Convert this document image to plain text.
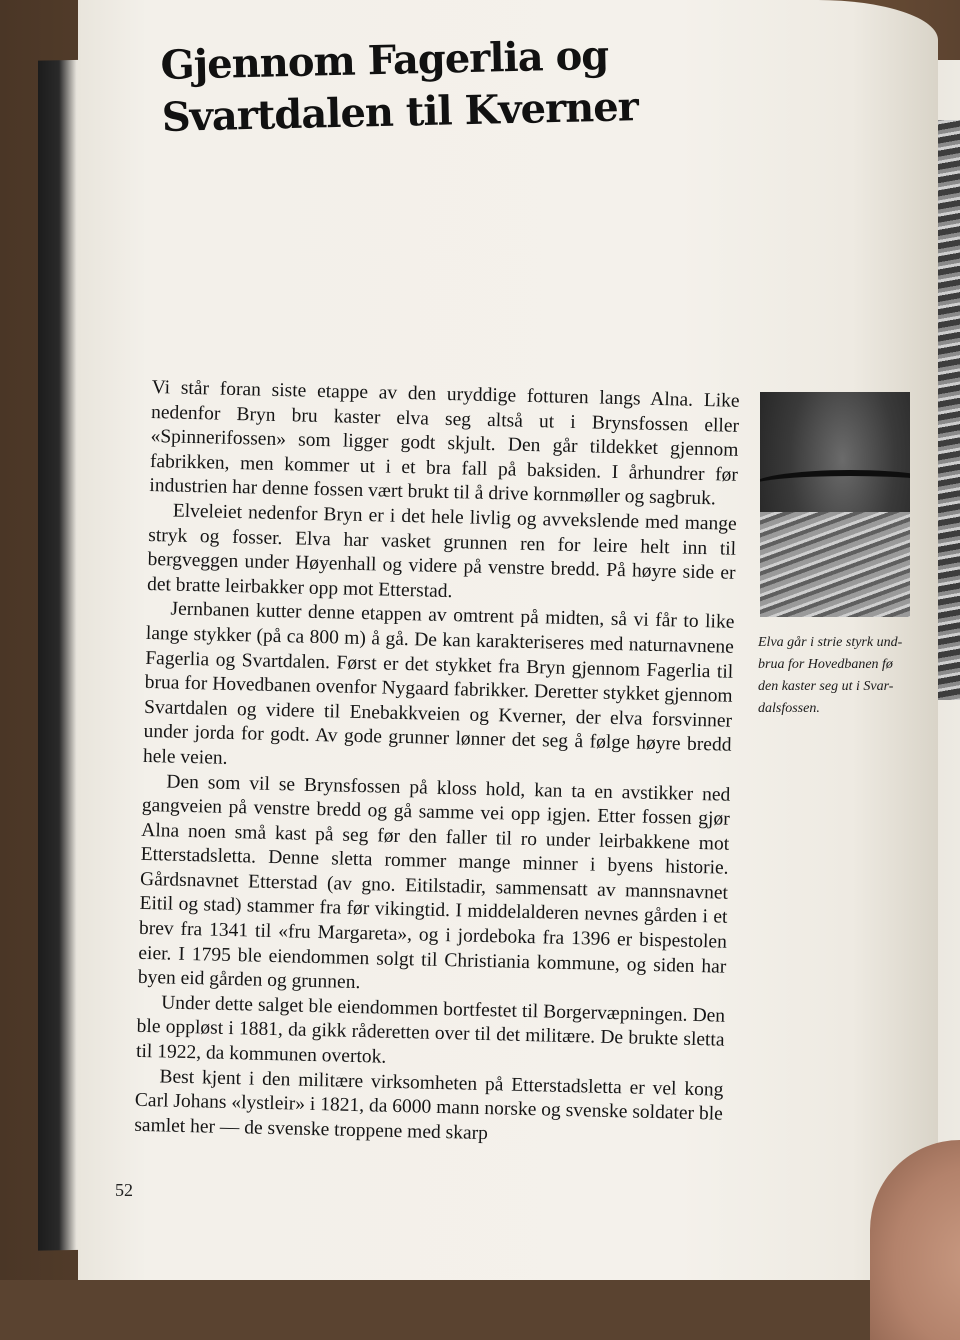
Gjennom Fagerlia og
Svartdalen til Kverner

Vi står foran siste etappe av den uryddige fotturen langs Alna. Like nedenfor Bryn bru kaster elva seg altså ut i Brynsfossen eller «Spinnerifossen» som ligger godt skjult. Den går tildekket gjennom fabrikken, men kommer ut i et bra fall på baksiden. I århundrer før industrien har denne fossen vært brukt til å drive kornmøller og sagbruk.

Elveleiet nedenfor Bryn er i det hele livlig og avvekslende med mange stryk og fosser. Elva har vasket grunnen ren for leire helt inn til bergveggen under Høyenhall og videre på venstre bredd. På høyre side er det bratte leirbakker opp mot Etterstad.

Jernbanen kutter denne etappen av omtrent på midten, så vi får to like lange stykker (på ca 800 m) å gå. De kan karakteriseres med naturnavnene Fagerlia og Svartdalen. Først er det stykket fra Bryn gjennom Fagerlia til brua for Hovedbanen ovenfor Nygaard fabrikker. Deretter stykket gjennom Svartdalen og videre til Enebakkveien og Kverner, der elva forsvinner under jorda for godt. Av gode grunner lønner det seg å følge høyre bredd hele veien.

Den som vil se Brynsfossen på kloss hold, kan ta en avstikker ned gangveien på venstre bredd og gå samme vei opp igjen. Etter fossen gjør Alna noen små kast på seg før den faller til ro under leirbakkene mot Etterstadsletta. Denne sletta rommer mange minner i byens historie. Gårdsnavnet Etterstad (av gno. Eitilstadir, sammensatt av mannsnavnet Eitil og stad) stammer fra før vikingtid. I middelalderen nevnes gården i et brev fra 1341 til «fru Margareta», og i jordeboka fra 1396 er bispestolen eier. I 1795 ble eiendommen solgt til Christiania kommune, og siden har byen eid gården og grunnen.

Under dette salget ble eiendommen bortfestet til Borgervæpningen. Den ble oppløst i 1881, da gikk råderetten over til det militære. De brukte sletta til 1922, da kommunen overtok.

Best kjent i den militære virksomheten på Etterstadsletta er vel kong Carl Johans «lystleir» i 1821, da 6000 mann norske og svenske soldater ble samlet her — de svenske troppene med skarp

Elva går i strie styrk und-
brua for Hovedbanen fø
den kaster seg ut i Svar-
dalsfossen.

52
